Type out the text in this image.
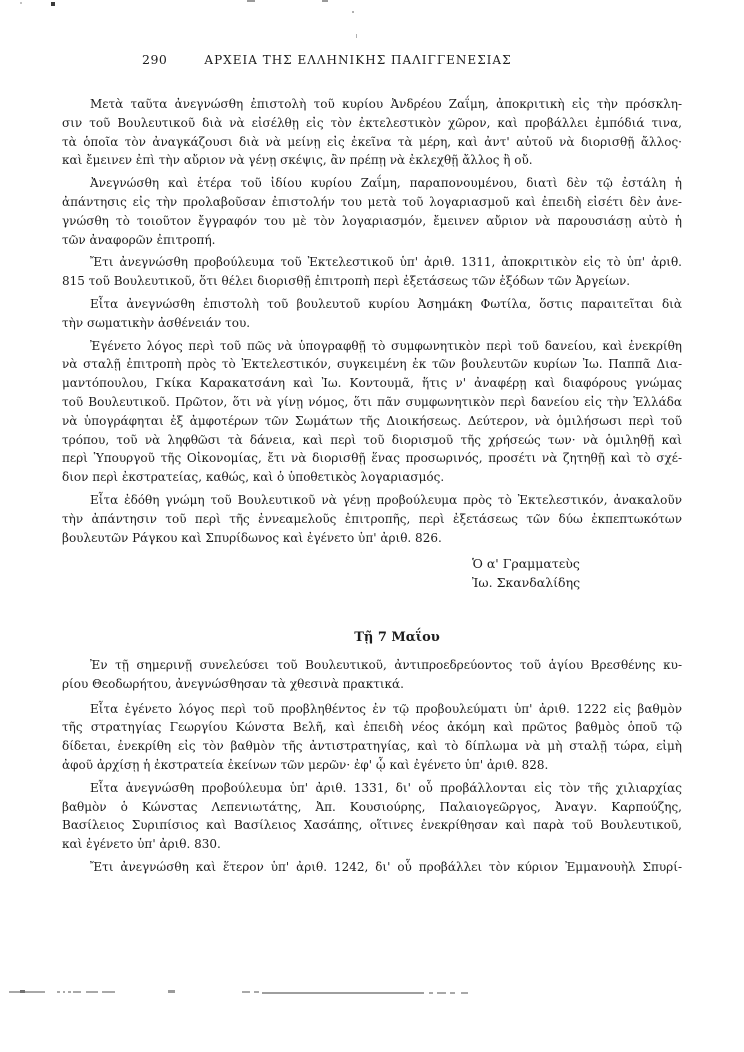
290	ΑΡΧΕΙΑ ΤΗΣ ΕΛΛΗΝΙΚΗΣ ΠΑΛΙΓΓΕΝΕΣΙΑΣ
Μετὰ ταῦτα ἀνεγνώσθη ἐπιστολὴ τοῦ κυρίου Ἀνδρέου Ζαΐμη, ἀποκριτικὴ εἰς τὴν πρόσκλη-
σιν τοῦ Βουλευτικοῦ διὰ νὰ εἰσέλθῃ εἰς τὸν ἐκτελεστικὸν χῶρον, καὶ προβάλλει ἐμπόδιά τινα,
τὰ ὁποῖα τὸν ἀναγκάζουσι διὰ νὰ μείνῃ εἰς ἐκεῖνα τὰ μέρη, καὶ ἀντ' αὐτοῦ νὰ διορισθῇ ἄλλος·
καὶ ἔμεινεν ἐπὶ τὴν αὔριον νὰ γένῃ σκέψις, ἂν πρέπῃ νὰ ἐκλεχθῇ ἄλλος ἢ οὔ.
Ἀνεγνώσθη καὶ ἑτέρα τοῦ ἰδίου κυρίου Ζαΐμη, παραπονουμένου, διατὶ δὲν τῷ ἐστάλη ἡ
ἀπάντησις εἰς τὴν προλαβοῦσαν ἐπιστολήν του μετὰ τοῦ λογαριασμοῦ καὶ ἐπειδὴ εἰσέτι δὲν ἀνε-
γνώσθη τὸ τοιοῦτον ἔγγραφόν του μὲ τὸν λογαριασμόν, ἔμεινεν αὔριον νὰ παρουσιάσῃ αὐτὸ ἡ
τῶν ἀναφορῶν ἐπιτροπή.
Ἔτι ἀνεγνώσθη προβούλευμα τοῦ Ἐκτελεστικοῦ ὑπ' ἀριθ. 1311, ἀποκριτικὸν εἰς τὸ ὑπ' ἀριθ.
815 τοῦ Βουλευτικοῦ, ὅτι θέλει διορισθῇ ἐπιτροπὴ περὶ ἐξετάσεως τῶν ἐξόδων τῶν Ἀργείων.
Εἶτα ἀνεγνώσθη ἐπιστολὴ τοῦ βουλευτοῦ κυρίου Ἀσημάκη Φωτίλα, ὅστις παραιτεῖται διὰ
τὴν σωματικὴν ἀσθένειάν του.
Ἐγένετο λόγος περὶ τοῦ πῶς νὰ ὑπογραφθῇ τὸ συμφωνητικὸν περὶ τοῦ δανείου, καὶ ἐνεκρίθη
νὰ σταλῇ ἐπιτροπὴ πρὸς τὸ Ἐκτελεστικόν, συγκειμένη ἐκ τῶν βουλευτῶν κυρίων Ἰω. Παππᾶ Δια-
μαντόπουλου, Γκίκα Καρακατσάνη καὶ Ἰω. Κοντουμᾶ, ἥτις ν' ἀναφέρῃ καὶ διαφόρους γνώμας
τοῦ Βουλευτικοῦ. Πρῶτον, ὅτι νὰ γίνῃ νόμος, ὅτι πᾶν συμφωνητικὸν περὶ δανείου εἰς τὴν Ἑλλάδα
νὰ ὑπογράφηται ἐξ ἀμφοτέρων τῶν Σωμάτων τῆς Διοικήσεως. Δεύτερον, νὰ ὁμιλήσωσι περὶ τοῦ
τρόπου, τοῦ νὰ ληφθῶσι τὰ δάνεια, καὶ περὶ τοῦ διορισμοῦ τῆς χρήσεώς των· νὰ ὁμιληθῇ καὶ
περὶ Ὑπουργοῦ τῆς Οἰκονομίας, ἔτι νὰ διορισθῇ ἕνας προσωρινός, προσέτι νὰ ζητηθῇ καὶ τὸ σχέ-
διον περὶ ἐκστρατείας, καθώς, καὶ ὁ ὑποθετικὸς λογαριασμός.
Εἶτα ἐδόθη γνώμη τοῦ Βουλευτικοῦ νὰ γένῃ προβούλευμα πρὸς τὸ Ἐκτελεστικόν, ἀνακαλοῦν
τὴν ἀπάντησιν τοῦ περὶ τῆς ἐννεαμελοῦς ἐπιτροπῆς, περὶ ἐξετάσεως τῶν δύω ἐκπεπτωκότων
βουλευτῶν Ράγκου καὶ Σπυρίδωνος καὶ ἐγένετο ὑπ' ἀριθ. 826.
Ὁ α' Γραμματεὺς
Ἰω. Σκανδαλίδης
Τῇ 7 Μαΐου
Ἐν τῇ σημερινῇ συνελεύσει τοῦ Βουλευτικοῦ, ἀντιπροεδρεύοντος τοῦ ἁγίου Βρεσθένης κυ-
ρίου Θεοδωρήτου, ἀνεγνώσθησαν τὰ χθεσινὰ πρακτικά.
Εἶτα ἐγένετο λόγος περὶ τοῦ προβληθέντος ἐν τῷ προβουλεύματι ὑπ' ἀριθ. 1222 εἰς βαθμὸν
τῆς στρατηγίας Γεωργίου Κώνστα Βελῆ, καὶ ἐπειδὴ νέος ἀκόμη καὶ πρῶτος βαθμὸς ὁποῦ τῷ
δίδεται, ἐνεκρίθη εἰς τὸν βαθμὸν τῆς ἀντιστρατηγίας, καὶ τὸ δίπλωμα νὰ μὴ σταλῇ τώρα, εἰμὴ
ἀφοῦ ἀρχίσῃ ἡ ἐκστρατεία ἐκείνων τῶν μερῶν· ἐφ' ᾧ καὶ ἐγένετο ὑπ' ἀριθ. 828.
Εἶτα ἀνεγνώσθη προβούλευμα ὑπ' ἀριθ. 1331, δι' οὗ προβάλλονται εἰς τὸν τῆς χιλιαρχίας
βαθμὸν ὁ Κώνστας Λεπενιωτάτης, Ἀπ. Κουσιούρης, Παλαιογεῶργος, Ἀναγν. Καρπούζης,
Βασίλειος Συριπίσιος καὶ Βασίλειος Χασάπης, οἵτινες ἐνεκρίθησαν καὶ παρὰ τοῦ Βουλευτικοῦ,
καὶ ἐγένετο ὑπ' ἀριθ. 830.
Ἔτι ἀνεγνώσθη καὶ ἕτερον ὑπ' ἀριθ. 1242, δι' οὗ προβάλλει τὸν κύριον Ἐμμανουὴλ Σπυρί-
